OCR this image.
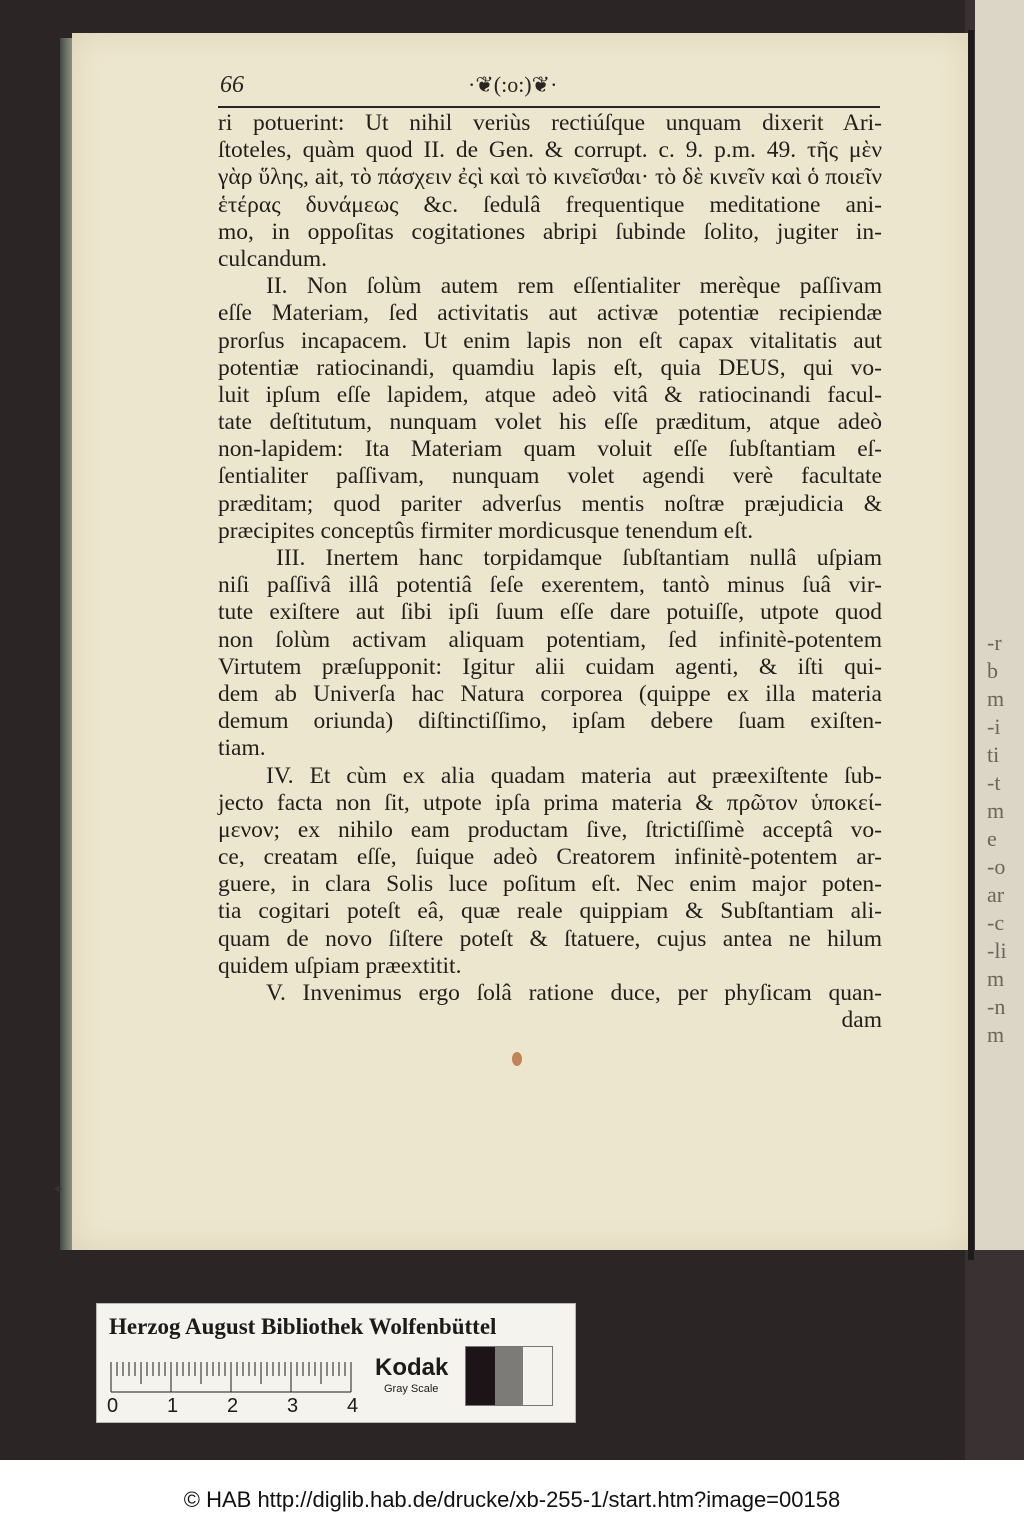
-r
b
m
-i
ti
-t
m
e
-o
ar
-c
-li
m
-n
m
66	·❦(:o:)❦·
ri potuerint: Ut nihil veriùs rectiúſque unquam dixerit Ari-
ſtoteles, quàm quod II. de Gen. & corrupt. c. 9. p.m. 49. τῆς μὲν
γὰρ ὕλης, ait, τὸ πάσχειν ἐςὶ καὶ τὸ κινεῖσϑαι· τὸ δὲ κινεῖν καὶ ὁ ποιεῖν
ἑτέρας δυνάμεως &c. ſedulâ frequentique meditatione ani-
mo, in oppoſitas cogitationes abripi ſubinde ſolito, jugiter in-
culcandum.
II. Non ſolùm autem rem eſſentialiter merèque paſſivam
eſſe Materiam, ſed activitatis aut activæ potentiæ recipiendæ
prorſus incapacem. Ut enim lapis non eſt capax vitalitatis aut
potentiæ ratiocinandi, quamdiu lapis eſt, quia DEUS, qui vo-
luit ipſum eſſe lapidem, atque adeò vitâ & ratiocinandi facul-
tate deſtitutum, nunquam volet his eſſe præditum, atque adeò
non-lapidem: Ita Materiam quam voluit eſſe ſubſtantiam eſ-
ſentialiter paſſivam, nunquam volet agendi verè facultate
præditam; quod pariter adverſus mentis noſtræ præjudicia &
præcipites conceptûs firmiter mordicusque tenendum eſt.
III. Inertem hanc torpidamque ſubſtantiam nullâ uſpiam
niſi paſſivâ illâ potentiâ ſeſe exerentem, tantò minus ſuâ vir-
tute exiſtere aut ſibi ipſi ſuum eſſe dare potuiſſe, utpote quod
non ſolùm activam aliquam potentiam, ſed infinitè-potentem
Virtutem præſupponit: Igitur alii cuidam agenti, & iſti qui-
dem ab Univerſa hac Natura corporea (quippe ex illa materia
demum oriunda) diſtinctiſſimo, ipſam debere ſuam exiſten-
tiam.
IV. Et cùm ex alia quadam materia aut præexiſtente ſub-
jecto facta non ſit, utpote ipſa prima materia & πρῶτον ὑποκεί-
μενον; ex nihilo eam productam ſive, ſtrictiſſimè acceptâ vo-
ce, creatam eſſe, ſuique adeò Creatorem infinitè-potentem ar-
guere, in clara Solis luce poſitum eſt. Nec enim major poten-
tia cogitari poteſt eâ, quæ reale quippiam & Subſtantiam ali-
quam de novo ſiſtere poteſt & ſtatuere, cujus antea ne hilum
quidem uſpiam præextitit.
V. Invenimus ergo ſolâ ratione duce, per phyſicam quan-
dam
✦
Herzog August Bibliothek Wolfenbüttel
0 1 2 3 4
Kodak
Gray Scale
© HAB http://diglib.hab.de/drucke/xb-255-1/start.htm?image=00158
